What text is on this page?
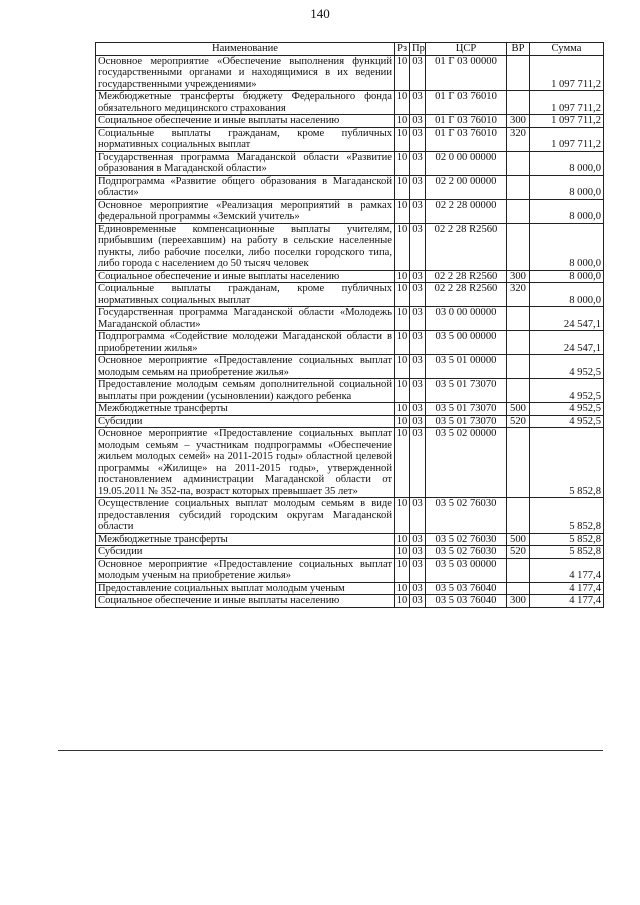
140
Наименование	Рз	Пр	ЦСР	ВР	Сумма
Основное мероприятие «Обеспечение выполнения функций государственными органами и находящимися в их ведении государственными учреждениями»	10	03	01 Г 03 00000		1 097 711,2
Межбюджетные трансферты бюджету Федерального фонда обязательного медицинского страхования	10	03	01 Г 03 76010		1 097 711,2
Социальное обеспечение и иные выплаты населению	10	03	01 Г 03 76010	300	1 097 711,2
Социальные выплаты гражданам, кроме публичных нормативных социальных выплат	10	03	01 Г 03 76010	320	1 097 711,2
Государственная программа Магаданской области «Развитие образования в Магаданской области»	10	03	02 0 00 00000		8 000,0
Подпрограмма «Развитие общего образования в Магаданской области»	10	03	02 2 00 00000		8 000,0
Основное мероприятие «Реализация мероприятий в рамках федеральной программы «Земский учитель»	10	03	02 2 28 00000		8 000,0
Единовременные компенсационные выплаты учителям, прибывшим (переехавшим) на работу в сельские населенные пункты, либо рабочие поселки, либо поселки городского типа, либо города с населением до 50 тысяч человек	10	03	02 2 28 R2560		8 000,0
Социальное обеспечение и иные выплаты населению	10	03	02 2 28 R2560	300	8 000,0
Социальные выплаты гражданам, кроме публичных нормативных социальных выплат	10	03	02 2 28 R2560	320	8 000,0
Государственная программа Магаданской области «Молодежь Магаданской области»	10	03	03 0 00 00000		24 547,1
Подпрограмма «Содействие молодежи Магаданской области в приобретении жилья»	10	03	03 5 00 00000		24 547,1
Основное мероприятие «Предоставление социальных выплат молодым семьям на приобретение жилья»	10	03	03 5 01 00000		4 952,5
Предоставление молодым семьям дополнительной социальной выплаты при рождении (усыновлении) каждого ребенка	10	03	03 5 01 73070		4 952,5
Межбюджетные трансферты	10	03	03 5 01 73070	500	4 952,5
Субсидии	10	03	03 5 01 73070	520	4 952,5
Основное мероприятие «Предоставление социальных выплат молодым семьям – участникам подпрограммы «Обеспечение жильем молодых семей» на 2011-2015 годы» областной целевой программы «Жилище» на 2011-2015 годы», утвержденной постановлением администрации Магаданской области от 19.05.2011 № 352-па, возраст которых превышает 35 лет»	10	03	03 5 02 00000		5 852,8
Осуществление социальных выплат молодым семьям в виде предоставления субсидий городским округам Магаданской области	10	03	03 5 02 76030		5 852,8
Межбюджетные трансферты	10	03	03 5 02 76030	500	5 852,8
Субсидии	10	03	03 5 02 76030	520	5 852,8
Основное мероприятие «Предоставление социальных выплат молодым ученым на приобретение жилья»	10	03	03 5 03 00000		4 177,4
Предоставление социальных выплат молодым ученым	10	03	03 5 03 76040		4 177,4
Социальное обеспечение и иные выплаты населению	10	03	03 5 03 76040	300	4 177,4
